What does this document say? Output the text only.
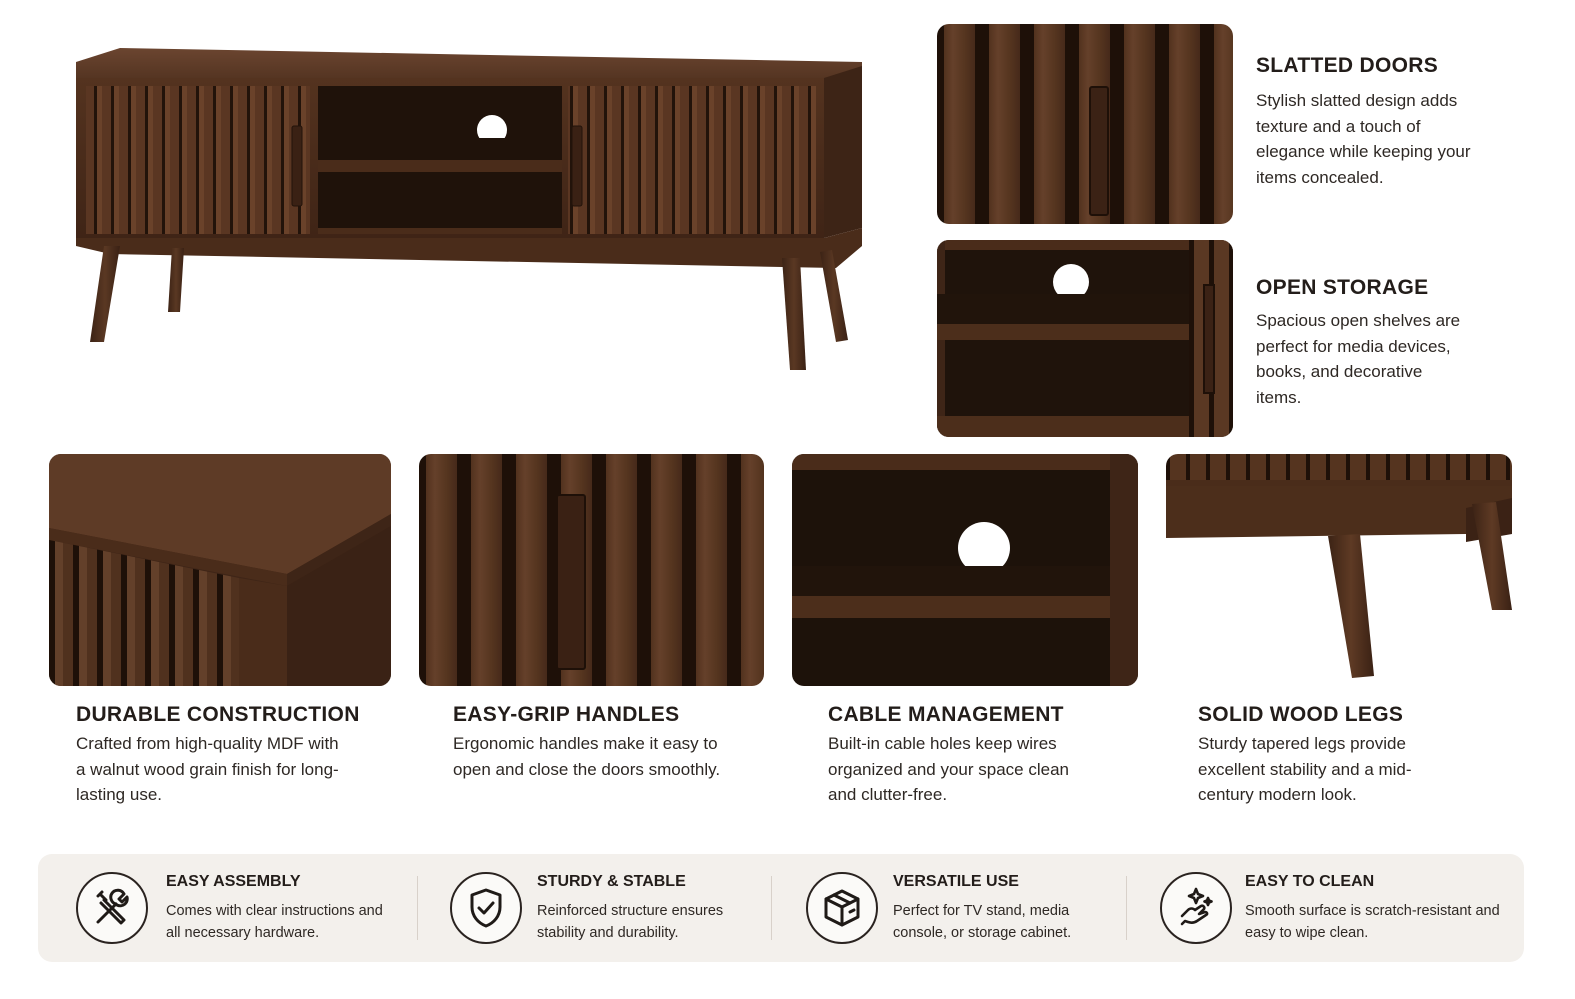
SLATTED DOORS
Stylish slatted design adds texture and a touch of elegance while keeping your items concealed.
OPEN STORAGE
Spacious open shelves are perfect for media devices, books, and decorative items.
DURABLE CONSTRUCTION
Crafted from high-quality MDF with a walnut wood grain finish for long-lasting use.
EASY-GRIP HANDLES
Ergonomic handles make it easy to open and close the doors smoothly.
CABLE MANAGEMENT
Built-in cable holes keep wires organized and your space clean and clutter-free.
SOLID WOOD LEGS
Sturdy tapered legs provide excellent stability and a mid-century modern look.
EASY ASSEMBLY
Comes with clear instructions and all necessary hardware.
STURDY & STABLE
Reinforced structure ensures stability and durability.
VERSATILE USE
Perfect for TV stand, media console, or storage cabinet.
EASY TO CLEAN
Smooth surface is scratch-resistant and easy to wipe clean.
